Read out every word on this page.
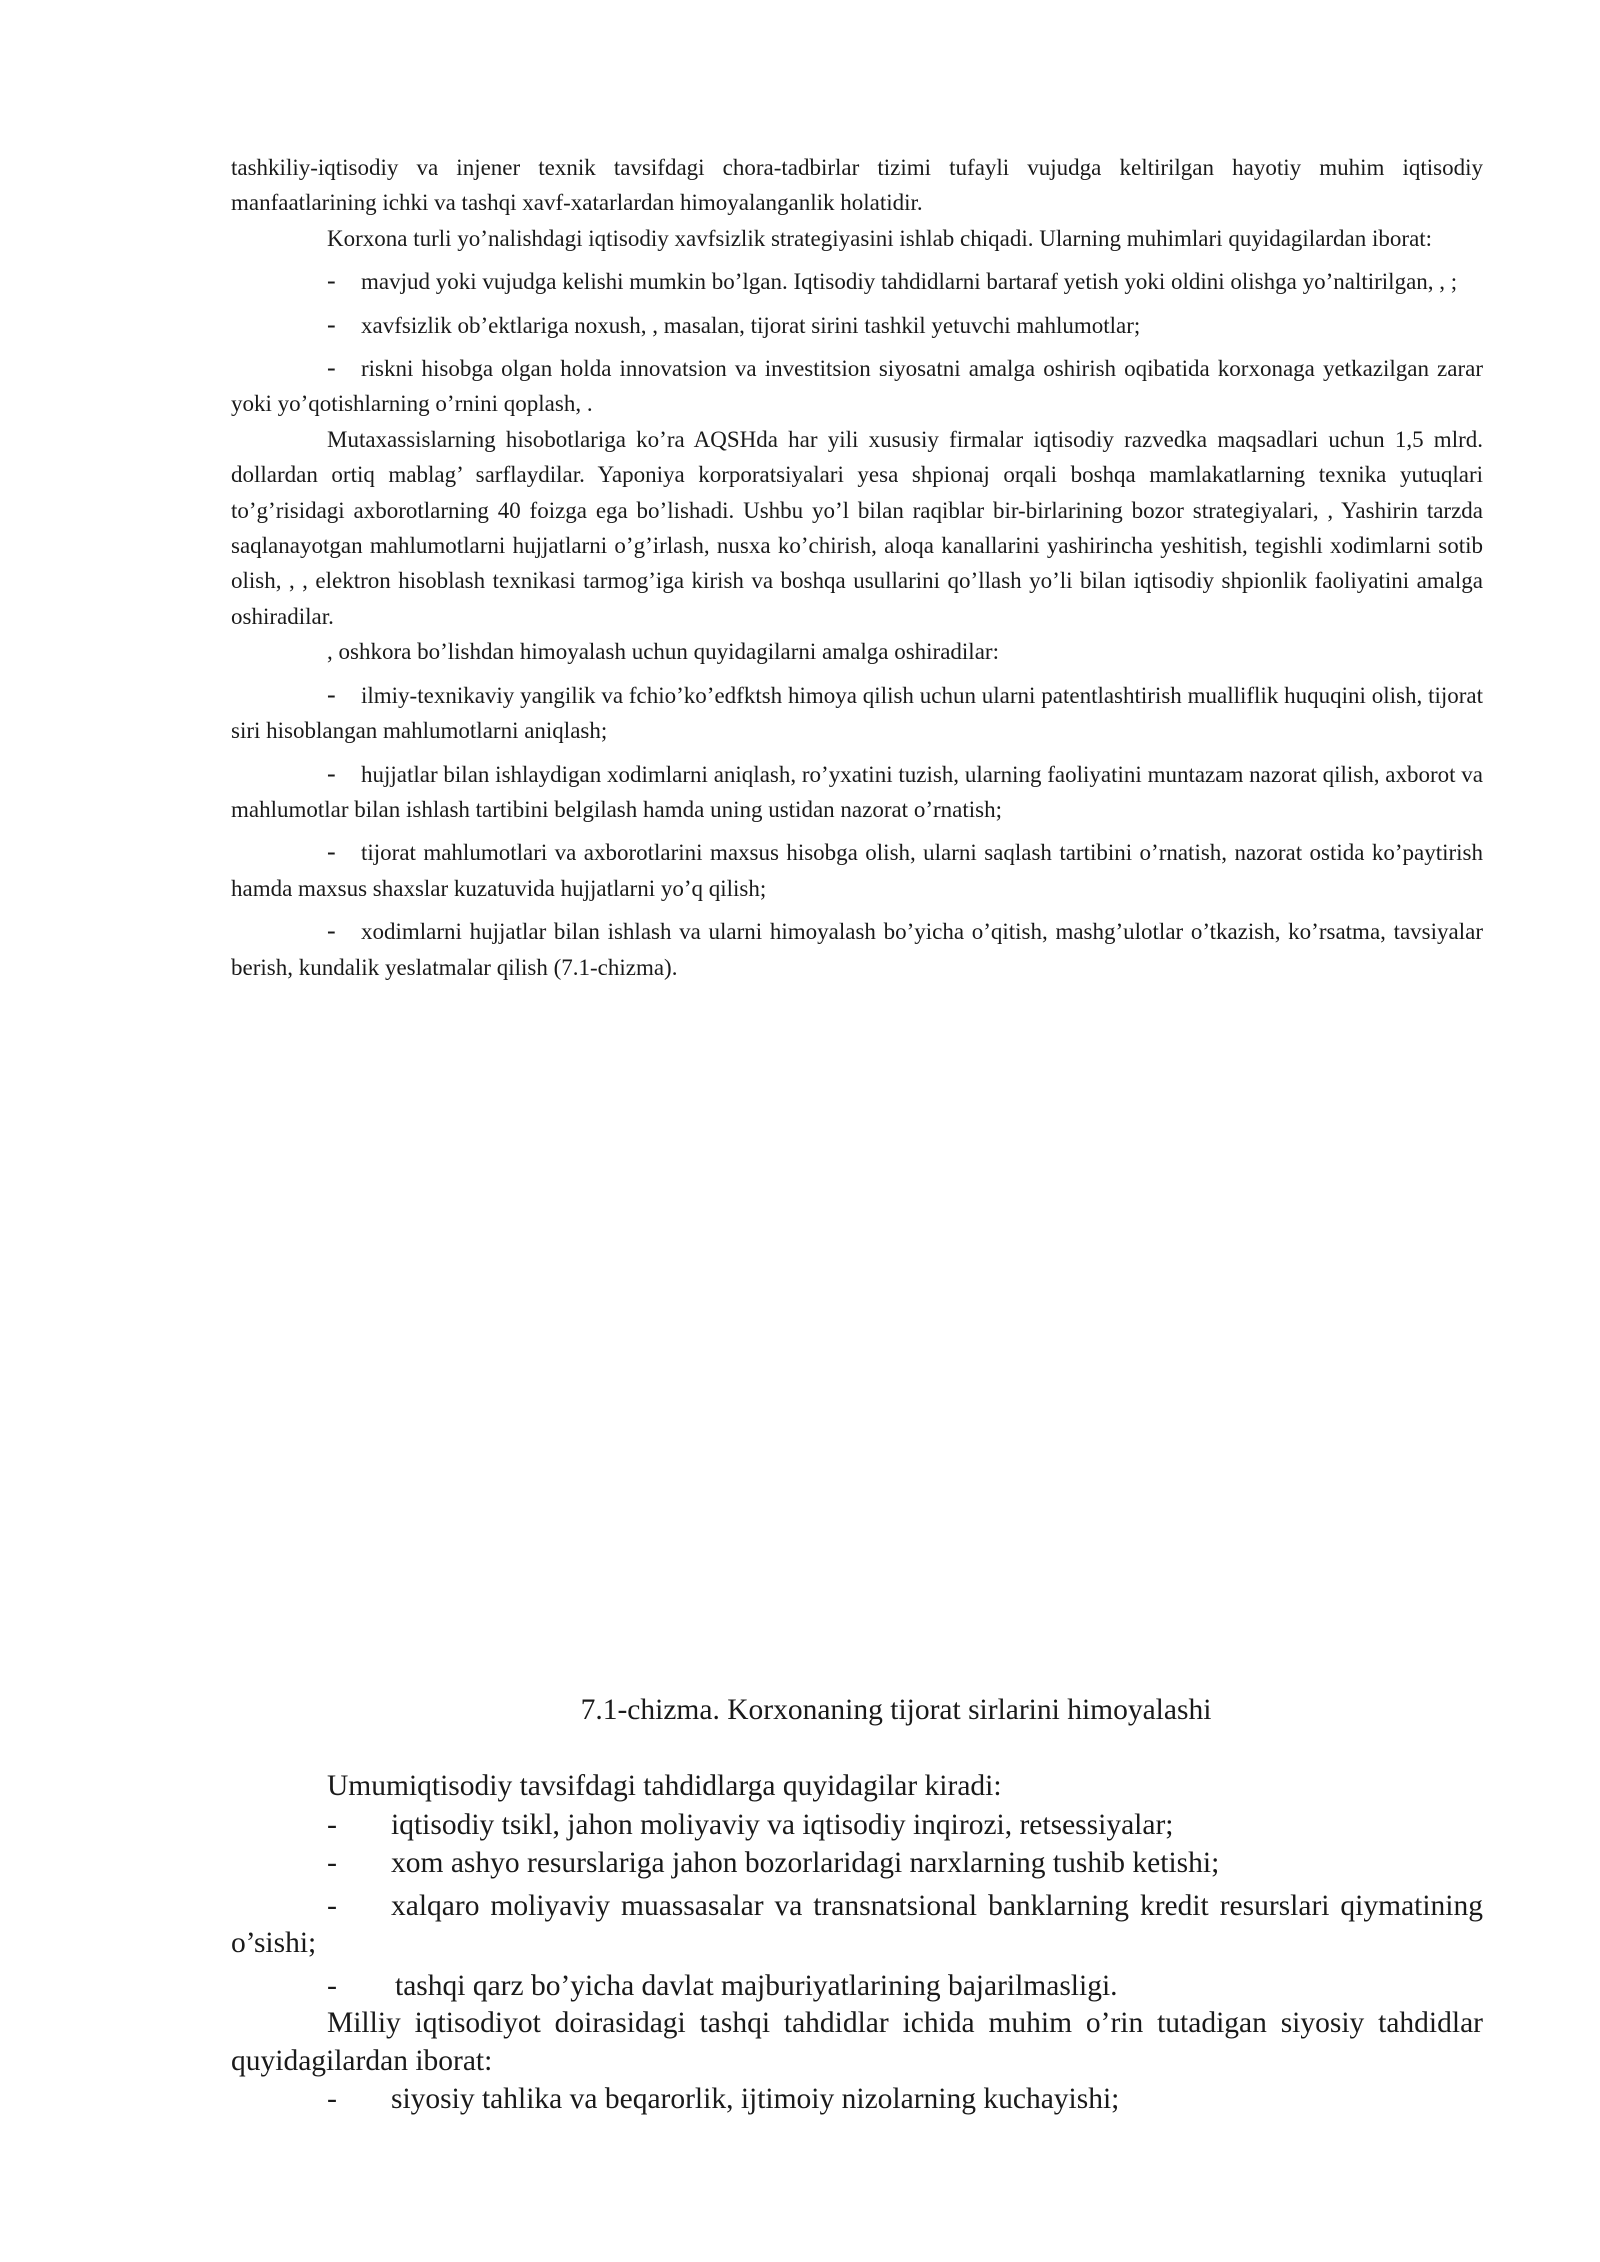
tashkiliy-iqtisodiy va injener texnik tavsifdagi chora-tadbirlar tizimi tufayli vujudga keltirilgan hayotiy muhim iqtisodiy manfaatlarining ichki va tashqi xavf-xatarlardan himoyalanganlik holatidir.

Korxona turli yo’nalishdagi iqtisodiy xavfsizlik strategiyasini ishlab chiqadi. Ularning muhimlari quyidagilardan iborat:

- mavjud yoki vujudga kelishi mumkin bo’lgan. Iqtisodiy tahdidlarni bartaraf yetish yoki oldini olishga yo’naltirilgan, , ;

- xavfsizlik ob’ektlariga noxush, , masalan, tijorat sirini tashkil yetuvchi mahlumotlar;

- riskni hisobga olgan holda innovatsion va investitsion siyosatni amalga oshirish oqibatida korxonaga yetkazilgan zarar yoki yo’qotishlarning o’rnini qoplash, .

Mutaxassislarning hisobotlariga ko’ra AQSHda har yili xususiy firmalar iqtisodiy razvedka maqsadlari uchun 1,5 mlrd. dollardan ortiq mablag’ sarflaydilar. Yaponiya korporatsiyalari yesa shpionaj orqali boshqa mamlakatlarning texnika yutuqlari to’g’risidagi axborotlarning 40 foizga ega bo’lishadi. Ushbu yo’l bilan raqiblar bir-birlarining bozor strategiyalari, , Yashirin tarzda saqlanayotgan mahlumotlarni hujjatlarni o’g’irlash, nusxa ko’chirish, aloqa kanallarini yashirincha yeshitish, tegishli xodimlarni sotib olish, , , elektron hisoblash texnikasi tarmog’iga kirish va boshqa usullarini qo’llash yo’li bilan iqtisodiy shpionlik faoliyatini amalga oshiradilar.

, oshkora bo’lishdan himoyalash uchun quyidagilarni amalga oshiradilar:

- ilmiy-texnikaviy yangilik va fchio’ko’edfktsh himoya qilish uchun ularni patentlashtirish mualliflik huquqini olish, tijorat siri hisoblangan mahlumotlarni aniqlash;

- hujjatlar bilan ishlaydigan xodimlarni aniqlash, ro’yxatini tuzish, ularning faoliyatini muntazam nazorat qilish, axborot va mahlumotlar bilan ishlash tartibini belgilash hamda uning ustidan nazorat o’rnatish;

- tijorat mahlumotlari va axborotlarini maxsus hisobga olish, ularni saqlash tartibini o’rnatish, nazorat ostida ko’paytirish hamda maxsus shaxslar kuzatuvida hujjatlarni yo’q qilish;

- xodimlarni hujjatlar bilan ishlash va ularni himoyalash bo’yicha o’qitish, mashg’ulotlar o’tkazish, ko’rsatma, tavsiyalar berish, kundalik yeslatmalar qilish (7.1-chizma).

7.1-chizma. Korxonaning tijorat sirlarini himoyalashi

Umumiqtisodiy tavsifdagi tahdidlarga quyidagilar kiradi:

- iqtisodiy tsikl, jahon moliyaviy va iqtisodiy inqirozi, retsessiyalar;

- xom ashyo resurslariga jahon bozorlaridagi narxlarning tushib ketishi;

- xalqaro moliyaviy muassasalar va transnatsional banklarning kredit resurslari qiymatining o’sishi;

- tashqi qarz bo’yicha davlat majburiyatlarining bajarilmasligi.

Milliy iqtisodiyot doirasidagi tashqi tahdidlar ichida muhim o’rin tutadigan siyosiy tahdidlar quyidagilardan iborat:

- siyosiy tahlika va beqarorlik, ijtimoiy nizolarning kuchayishi;
